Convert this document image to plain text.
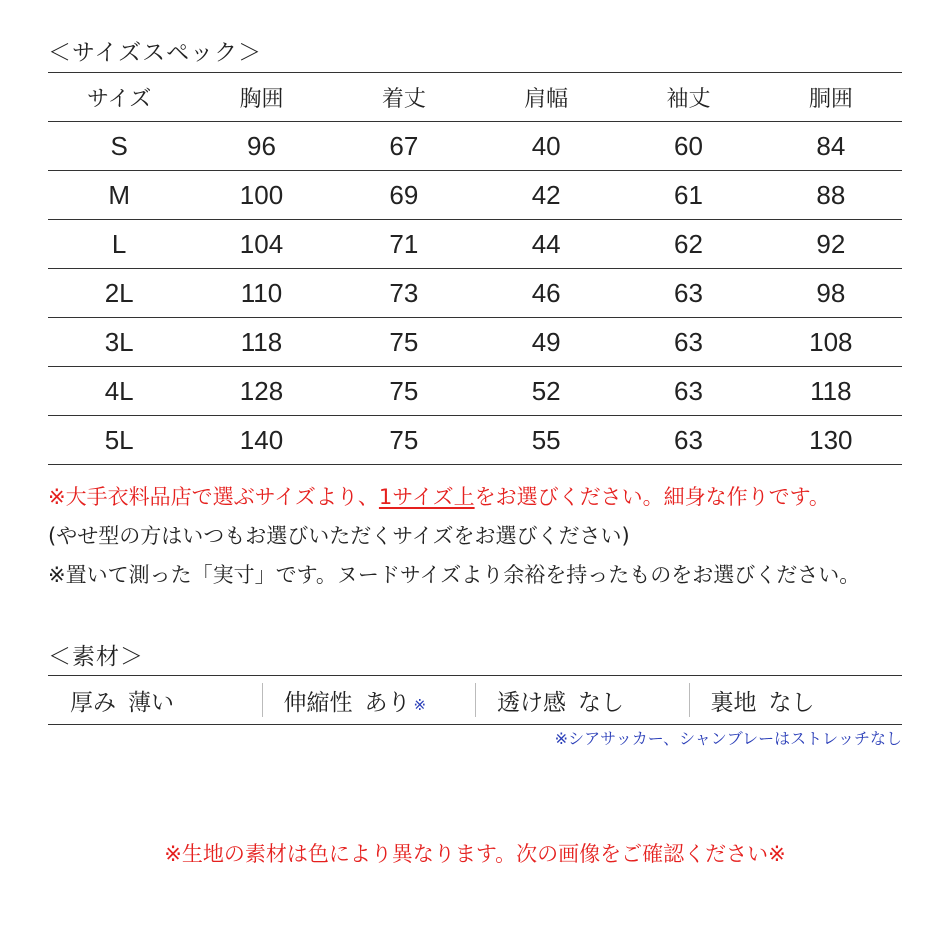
＜サイズスペック＞
サイズ	胸囲	着丈	肩幅	袖丈	胴囲
S	96	67	40	60	84
M	100	69	42	61	88
L	104	71	44	62	92
2L	110	73	46	63	98
3L	118	75	49	63	108
4L	128	75	52	63	118
5L	140	75	55	63	130
※大手衣料品店で選ぶサイズより、1サイズ上をお選びください。細身な作りです。
(やせ型の方はいつもお選びいただくサイズをお選びください)
※置いて測った「実寸」です。ヌードサイズより余裕を持ったものをお選びください。
＜素材＞
厚み 薄い	伸縮性 あり ※	透け感 なし	裏地 なし
※シアサッカー、シャンブレーはストレッチなし
※生地の素材は色により異なります。次の画像をご確認ください※
